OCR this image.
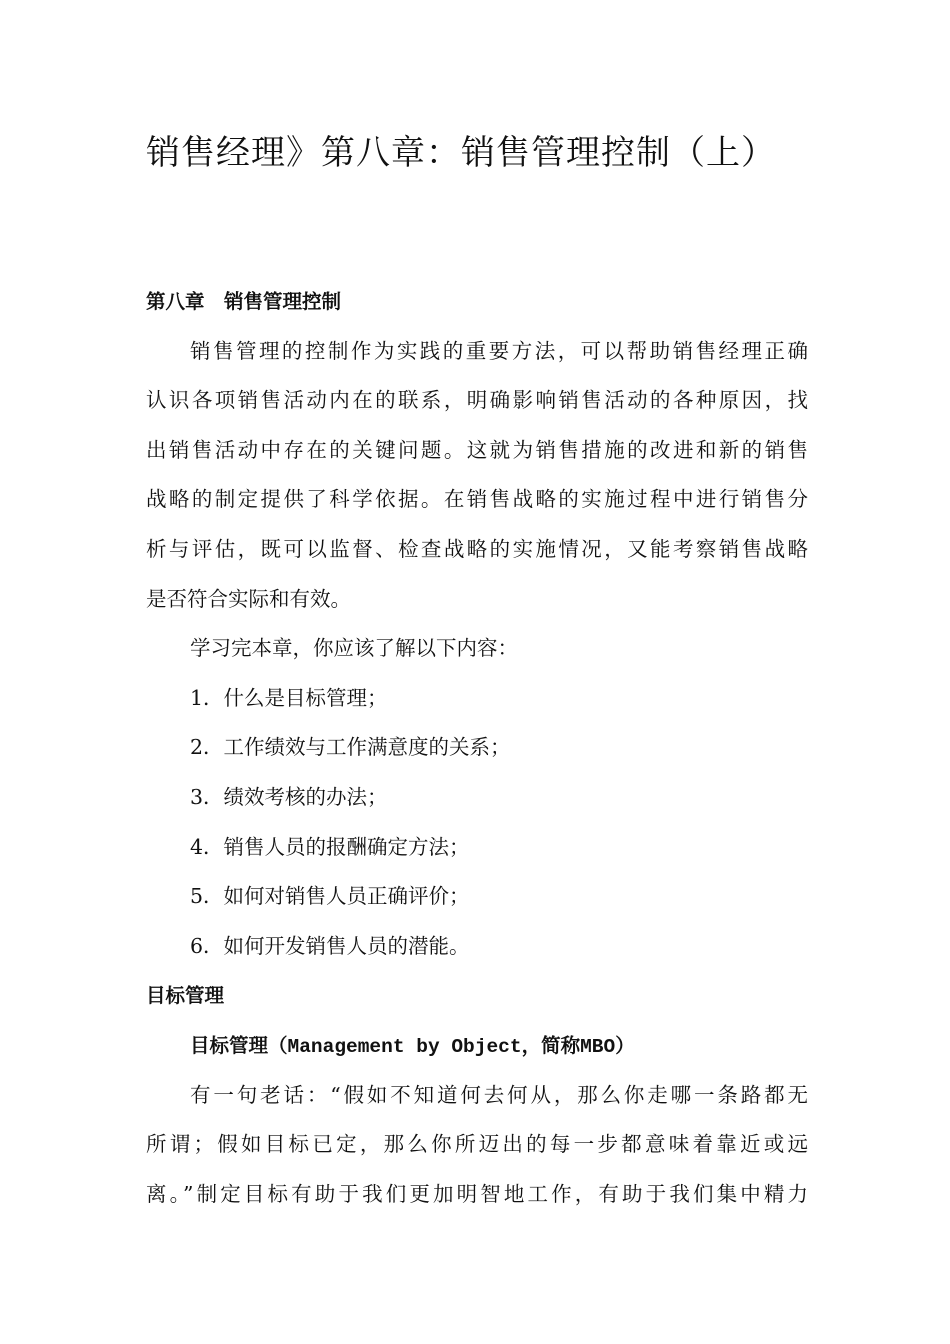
销售经理》第八章：销售管理控制（上）

第八章　销售管理控制

销售管理的控制作为实践的重要方法，可以帮助销售经理正确

认识各项销售活动内在的联系，明确影响销售活动的各种原因，找

出销售活动中存在的关键问题。这就为销售措施的改进和新的销售

战略的制定提供了科学依据。在销售战略的实施过程中进行销售分

析与评估，既可以监督、检查战略的实施情况，又能考察销售战略

是否符合实际和有效。

学习完本章，你应该了解以下内容：

1．什么是目标管理；

2．工作绩效与工作满意度的关系；

3．绩效考核的办法；

4．销售人员的报酬确定方法；

5．如何对销售人员正确评价；

6．如何开发销售人员的潜能。

目标管理

目标管理（Management by Object，简称MBO）

有一句老话：“假如不知道何去何从，那么你走哪一条路都无

所谓；假如目标已定，那么你所迈出的每一步都意味着靠近或远

离。”制定目标有助于我们更加明智地工作，有助于我们集中精力
